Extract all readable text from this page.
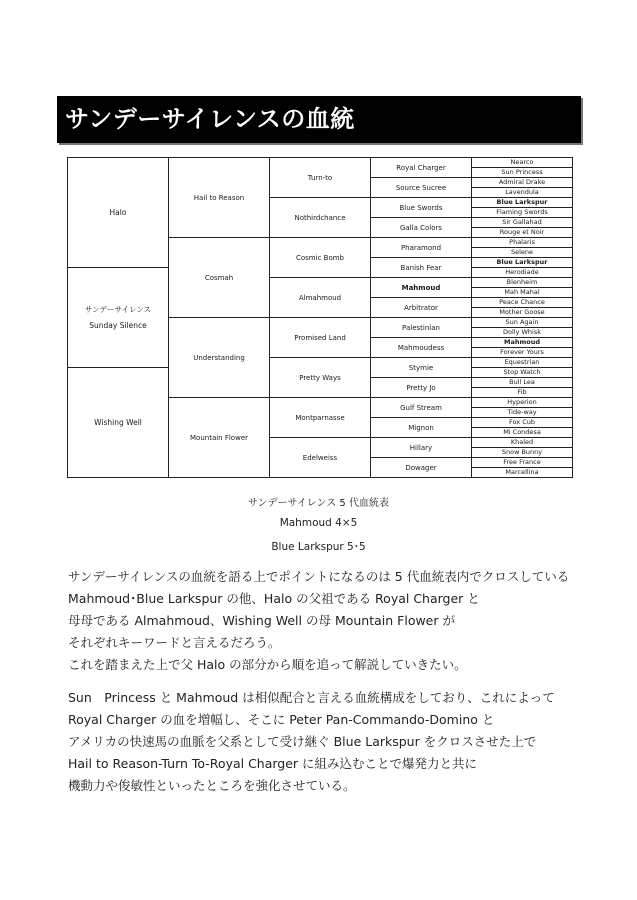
サンデーサイレンスの血統
Halo	Hail to Reason	Turn-to	Royal Charger	Nearco
				Sun Princess
			Source Sucree	Admiral Drake
				Lavendula
		Nothirdchance	Blue Swords	Blue Larkspur
				Flaming Swords
			Galla Colors	Sir Gallahad
				Rouge et Noir
	Cosmah	Cosmic Bomb	Pharamond	Phalaris
				Selene
			Banish Fear	Blue Larkspur

サンデーサイレンス
Sunday Silence				Herodiade
		Almahmoud	Mahmoud	Blenheim
				Mah Mahal
			Arbitrator	Peace Chance
				Mother Goose
	Understanding	Promised Land	Palestinian	Sun Again
				Dolly Whisk
			Mahmoudess	Mahmoud
				Forever Yours
		Pretty Ways	Stymie	Equestrian

Wishing Well				Stop Watch
			Pretty Jo	Bull Lea
				Fib
	Mountain Flower	Montparnasse	Gulf Stream	Hyperion
				Tide-way
			Mignon	Fox Cub
				Mi Condesa
		Edelweiss	Hillary	Khaled
				Snow Bunny
			Dowager	Free France
				Marcellina
サンデーサイレンス 5 代血統表
Mahmoud 4×5
Blue Larkspur 5･5

サンデーサイレンスの血統を語る上でポイントになるのは 5 代血統表内でクロスしている
Mahmoud･Blue Larkspur の他、Halo の父祖である Royal Charger と
母母である Almahmoud、Wishing Well の母 Mountain Flower が
それぞれキーワードと言えるだろう。
これを踏まえた上で父 Halo の部分から順を追って解説していきたい。

Sun　Princess と Mahmoud は相似配合と言える血統構成をしており、これによって
Royal Charger の血を増幅し、そこに Peter Pan-Commando-Domino と
アメリカの快速馬の血脈を父系として受け継ぐ Blue Larkspur をクロスさせた上で
Hail to Reason-Turn To-Royal Charger に組み込むことで爆発力と共に
機動力や俊敏性といったところを強化させている。
